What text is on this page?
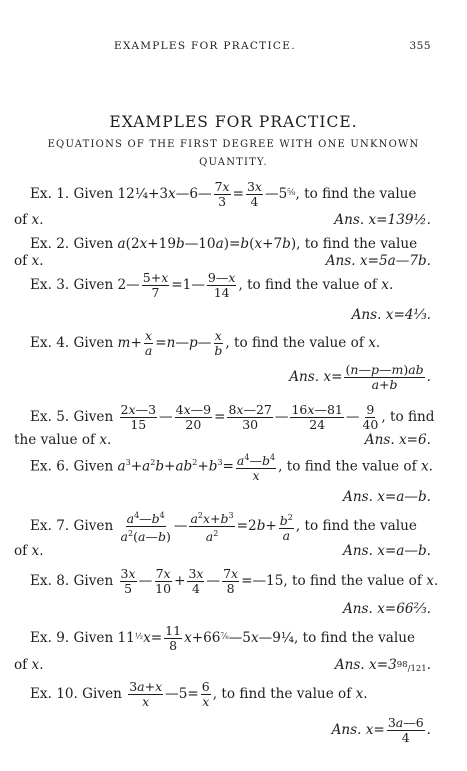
EXAMPLES FOR PRACTICE.	355
EXAMPLES FOR PRACTICE.
EQUATIONS OF THE FIRST DEGREE WITH ONE UNKNOWN
QUANTITY.
Ex. 1. Given 12¼+3x—6— $\frac{7x}{3} = \frac{3x}{4}$ $—5^{\frac{5}{8}}$, to find the value
of x.	Ans. x=139½.
Ex. 2. Given a(2x+19b—10a)=b(x+7b), to find the value
of x.	Ans. x=5a—7b.
Ex. 3. Given 2— $\frac{5+x}{7}$ =1— $\frac{9—x}{14}$ , to find the value of x.
Ans. x=4⅓.
Ex. 4. Given $m+ \frac{x}{a}$ =n—p— $\frac{x}{b}$ , to find the value of x.
Ans. $x= \frac{(n—p—m)ab}{a+b}$ .
Ex. 5. Given $\frac{2x—3}{15}$ — $\frac{4x—9}{20} = \frac{8x—27}{30}$ — $\frac{16x—81}{24}$ — $\frac{9}{40}$ , to find
the value of x.	Ans. x=6.
Ex. 6. Given $a^3+a^2b+ab^2+b^3= \frac{a^4—b^4}{x}$ , to find the value of x.
Ans. x=a—b.
Ex. 7. Given $\frac{a^4—b^4}{a^2(a—b)}$ — $\frac{a^2x+b^3}{a^2} =2b+ \frac{b^2}{a}$ , to find the value
of x.	Ans. x=a—b.
Ex. 8. Given $\frac{3x}{5}$ — $\frac{7x}{10} + \frac{3x}{4}$ — $\frac{7x}{8}$ =—15, to find the value of x.
Ans. x=66⅔.
Ex. 9. Given $11^{\frac{1}{2}}x= \frac{11}{8}$ $x+66^{\frac{7}{8}}—5x—9\frac{1}{4}$, to find the value
of x.	Ans. x=398/121.
Ex. 10. Given $\frac{3a+x}{x}$ —5= $\frac{6}{x}$ , to find the value of x.
Ans. $x= \frac{3a—6}{4}$ .
